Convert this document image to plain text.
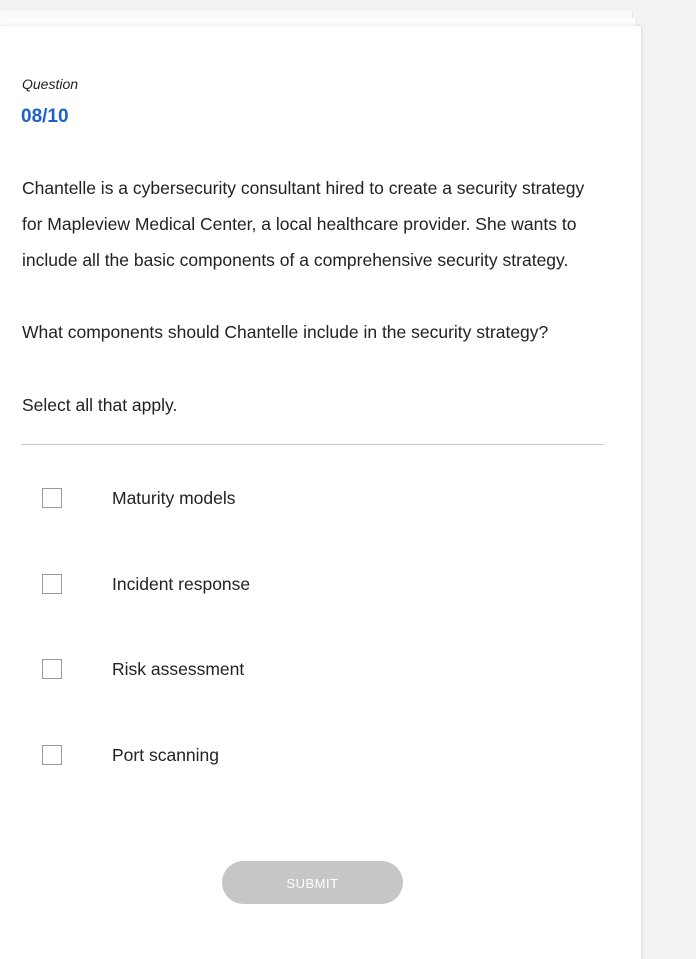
Question
08/10
Chantelle is a cybersecurity consultant hired to create a security strategy
for Mapleview Medical Center, a local healthcare provider. She wants to
include all the basic components of a comprehensive security strategy.
What components should Chantelle include in the security strategy?
Select all that apply.
Maturity models
Incident response
Risk assessment
Port scanning
SUBMIT
